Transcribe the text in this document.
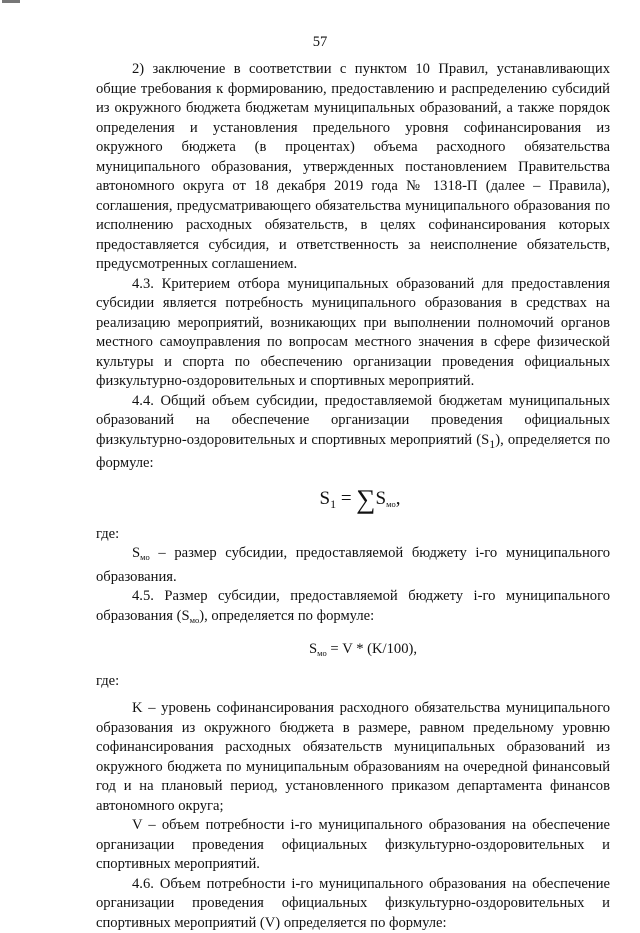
57

2) заключение в соответствии с пунктом 10 Правил, устанавливающих общие требования к формированию, предоставлению и распределению субсидий из окружного бюджета бюджетам муниципальных образований, а также порядок определения и установления предельного уровня софинансирования из окружного бюджета (в процентах) объема расходного обязательства муниципального образования, утвержденных постановлением Правительства автономного округа от 18 декабря 2019 года № 1318-П (далее – Правила), соглашения, предусматривающего обязательства муниципального образования по исполнению расходных обязательств, в целях софинансирования которых предоставляется субсидия, и ответственность за неисполнение обязательств, предусмотренных соглашением.

4.3. Критерием отбора муниципальных образований для предоставления субсидии является потребность муниципального образования в средствах на реализацию мероприятий, возникающих при выполнении полномочий органов местного самоуправления по вопросам местного значения в сфере физической культуры и спорта по обеспечению организации проведения официальных физкультурно-оздоровительных и спортивных мероприятий.

4.4. Общий объем субсидии, предоставляемой бюджетам муниципальных образований на обеспечение организации проведения официальных физкультурно-оздоровительных и спортивных мероприятий $(S_1)$, определяется по формуле:

$S_1 = \sum S_{мо}$,

где:

$S_{мо}$ – размер субсидии, предоставляемой бюджету i-го муниципального образования.

4.5. Размер субсидии, предоставляемой бюджету i-го муниципального образования $(S_{мо})$, определяется по формуле:

$S_{мо} = V * (K/100)$,

где:

K – уровень софинансирования расходного обязательства муниципального образования из окружного бюджета в размере, равном предельному уровню софинансирования расходных обязательств муниципальных образований из окружного бюджета по муниципальным образованиям на очередной финансовый год и на плановый период, установленного приказом департамента финансов автономного округа;

V – объем потребности i-го муниципального образования на обеспечение организации проведения официальных физкультурно-оздоровительных и спортивных мероприятий.

4.6. Объем потребности i-го муниципального образования на обеспечение организации проведения официальных физкультурно-оздоровительных и спортивных мероприятий (V) определяется по формуле:
